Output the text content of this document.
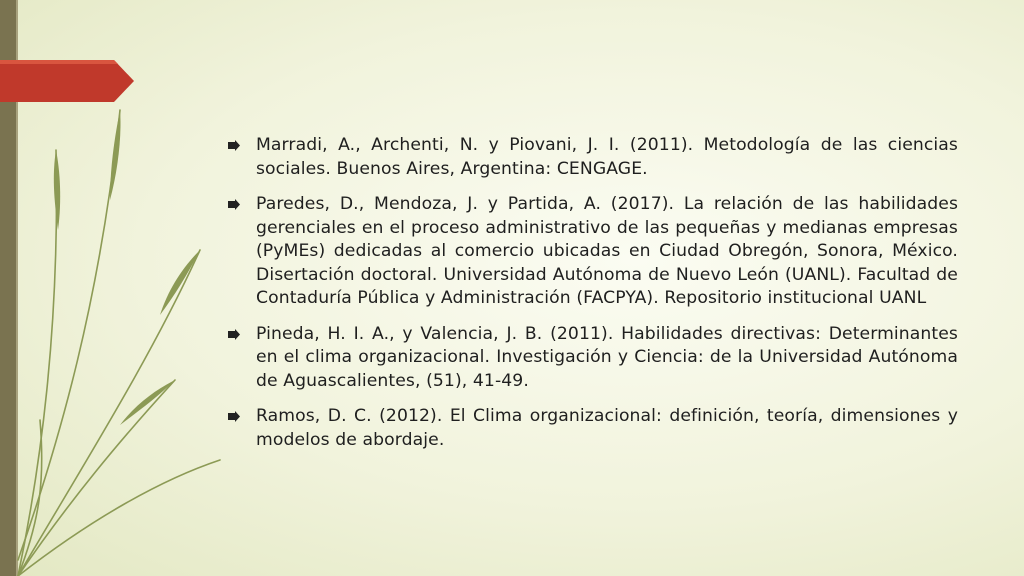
Marradi, A., Archenti, N. y Piovani, J. I. (2011). Metodología de las ciencias sociales. Buenos Aires, Argentina: CENGAGE.
Paredes, D., Mendoza, J. y Partida, A. (2017). La relación de las habilidades gerenciales en el proceso administrativo de las pequeñas y medianas empresas (PyMEs) dedicadas al comercio ubicadas en Ciudad Obregón, Sonora, México. Disertación doctoral. Universidad Autónoma de Nuevo León (UANL). Facultad de Contaduría Pública y Administración (FACPYA). Repositorio institucional UANL
Pineda, H. I. A., y Valencia, J. B. (2011). Habilidades directivas: Determinantes en el clima organizacional. Investigación y Ciencia: de la Universidad Autónoma de Aguascalientes, (51), 41-49.
Ramos, D. C. (2012). El Clima organizacional: definición, teoría, dimensiones y modelos de abordaje.
